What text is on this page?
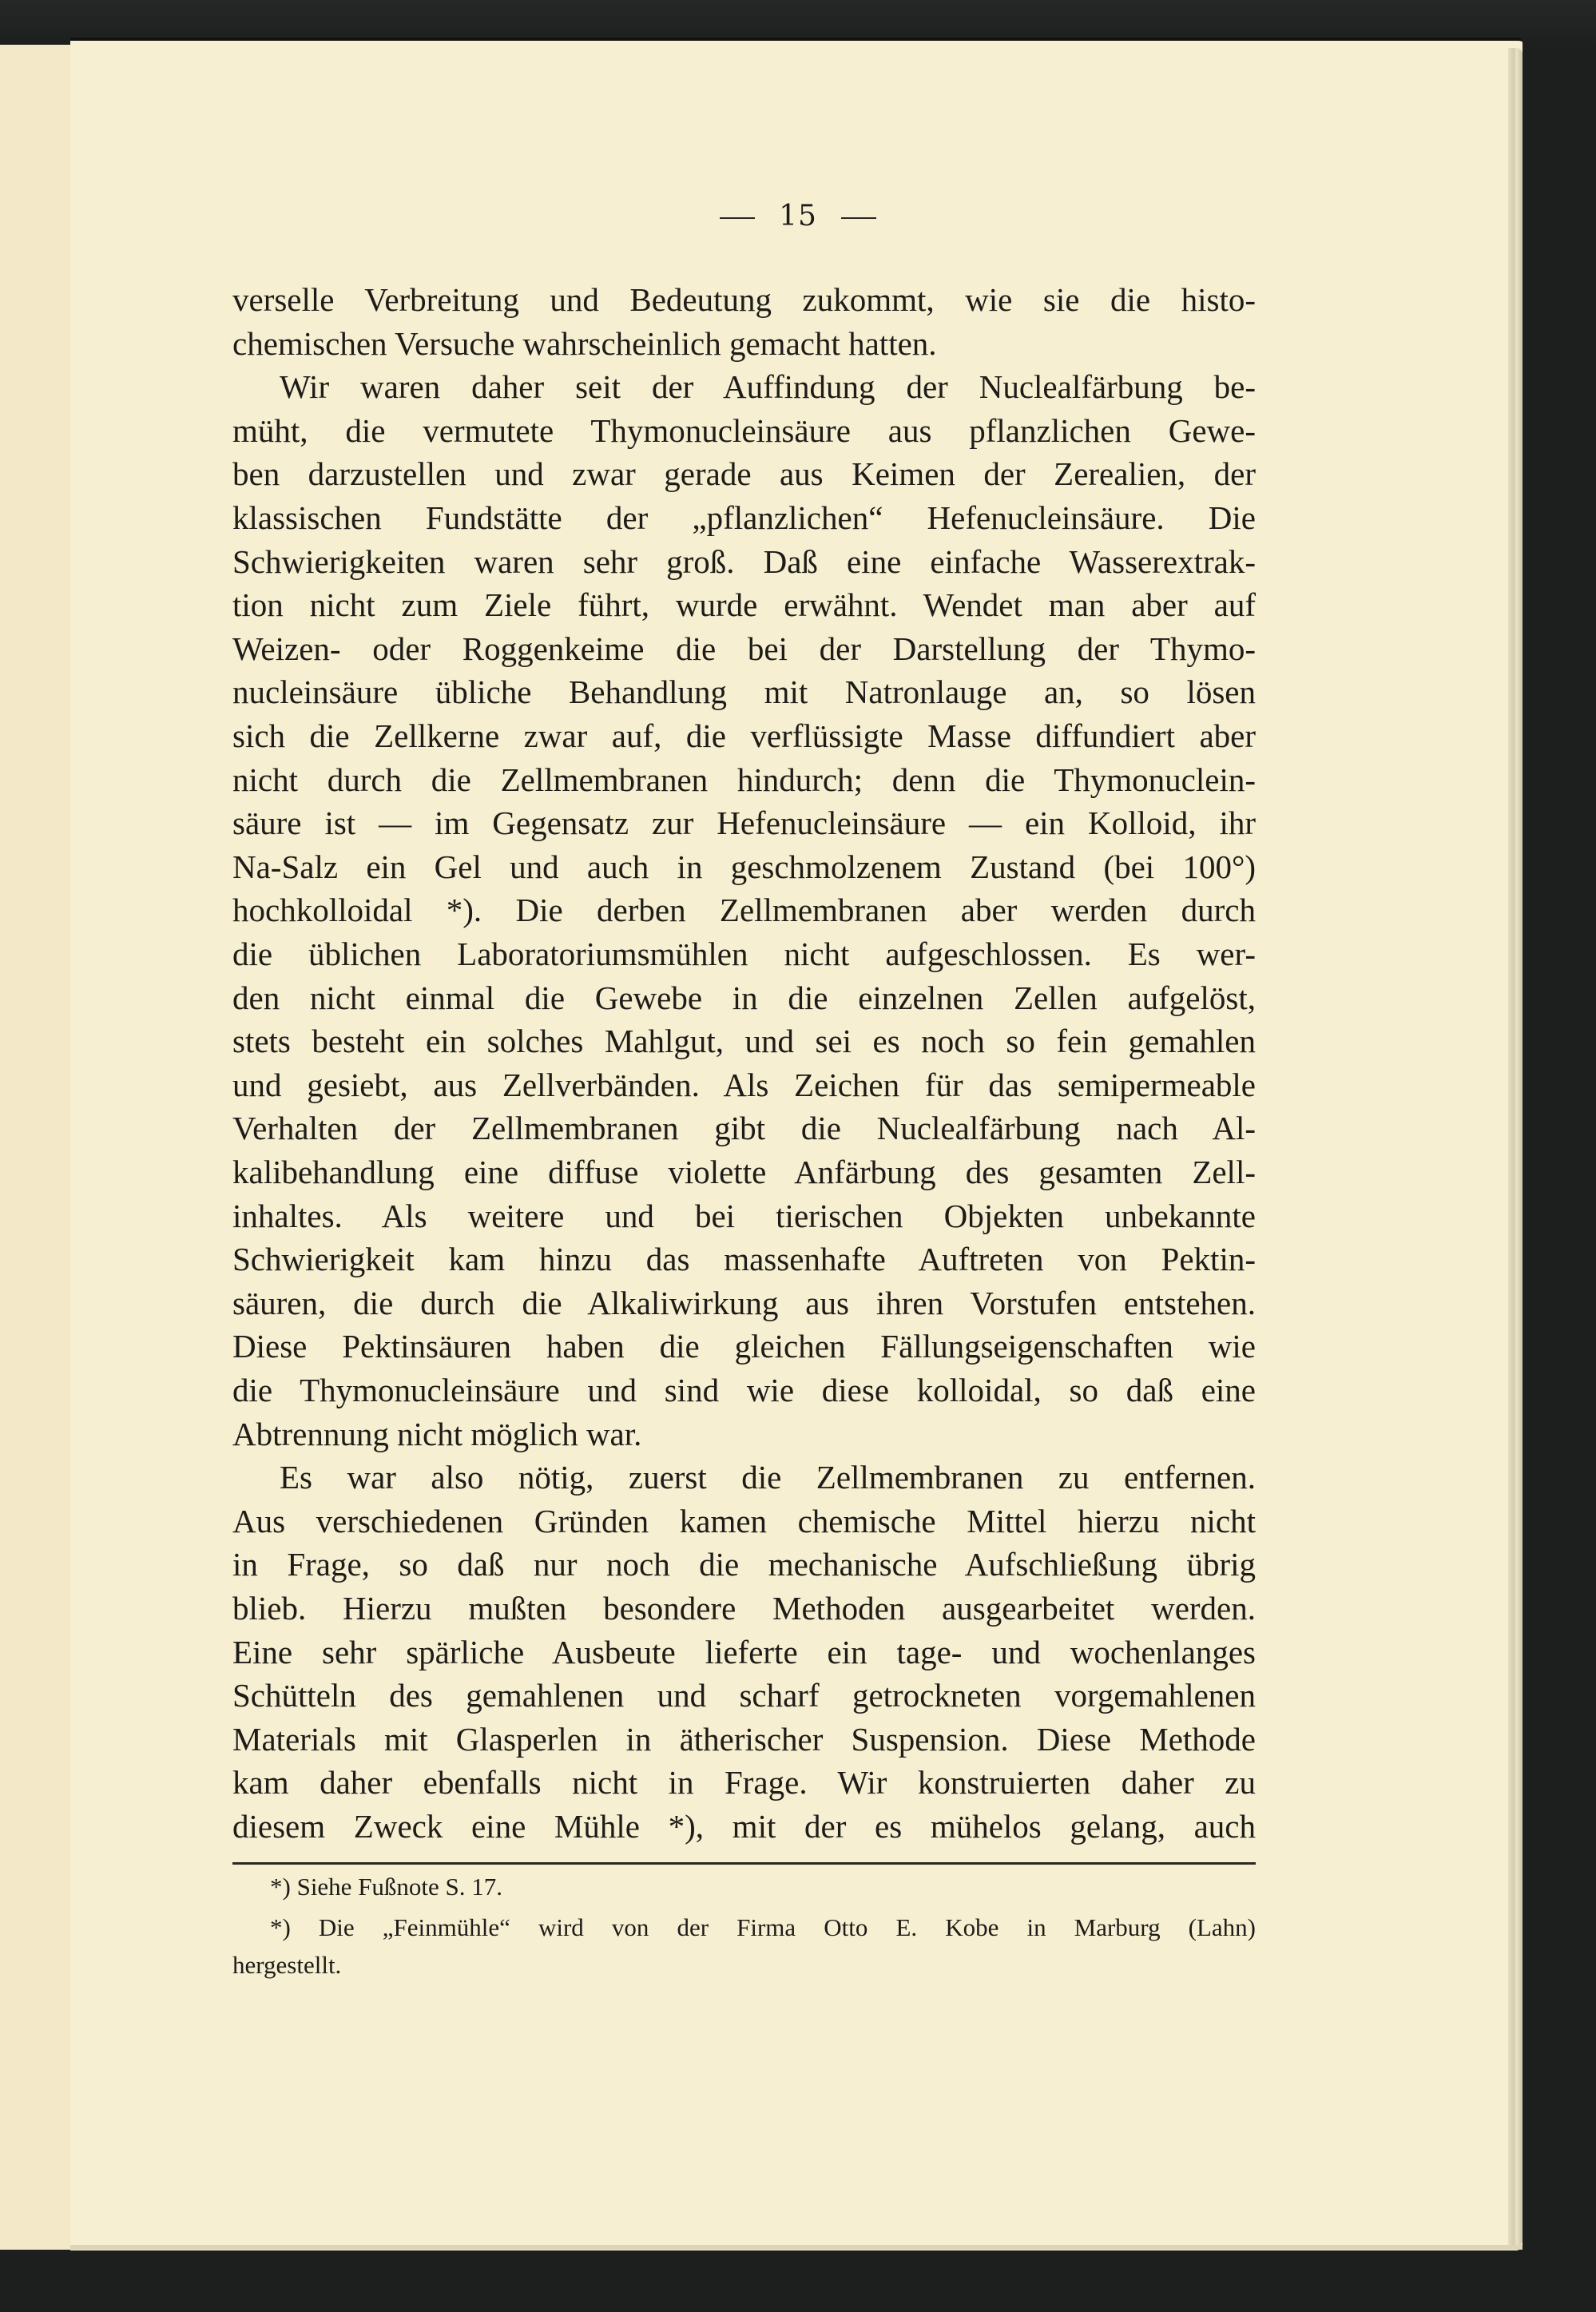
15
verselle Verbreitung und Bedeutung zukommt, wie sie die histo-
chemischen Versuche wahrscheinlich gemacht hatten.
Wir waren daher seit der Auffindung der Nuclealfärbung be-
müht, die vermutete Thymonucleinsäure aus pflanzlichen Gewe-
ben darzustellen und zwar gerade aus Keimen der Zerealien, der
klassischen Fundstätte der „pflanzlichen“ Hefenucleinsäure. Die
Schwierigkeiten waren sehr groß. Daß eine einfache Wasserextrak-
tion nicht zum Ziele führt, wurde erwähnt. Wendet man aber auf
Weizen- oder Roggenkeime die bei der Darstellung der Thymo-
nucleinsäure übliche Behandlung mit Natronlauge an, so lösen
sich die Zellkerne zwar auf, die verflüssigte Masse diffundiert aber
nicht durch die Zellmembranen hindurch; denn die Thymonuclein-
säure ist — im Gegensatz zur Hefenucleinsäure — ein Kolloid, ihr
Na-Salz ein Gel und auch in geschmolzenem Zustand (bei 100°)
hochkolloidal *). Die derben Zellmembranen aber werden durch
die üblichen Laboratoriumsmühlen nicht aufgeschlossen. Es wer-
den nicht einmal die Gewebe in die einzelnen Zellen aufgelöst,
stets besteht ein solches Mahlgut, und sei es noch so fein gemahlen
und gesiebt, aus Zellverbänden. Als Zeichen für das semipermeable
Verhalten der Zellmembranen gibt die Nuclealfärbung nach Al-
kalibehandlung eine diffuse violette Anfärbung des gesamten Zell-
inhaltes. Als weitere und bei tierischen Objekten unbekannte
Schwierigkeit kam hinzu das massenhafte Auftreten von Pektin-
säuren, die durch die Alkaliwirkung aus ihren Vorstufen entstehen.
Diese Pektinsäuren haben die gleichen Fällungseigenschaften wie
die Thymonucleinsäure und sind wie diese kolloidal, so daß eine
Abtrennung nicht möglich war.
Es war also nötig, zuerst die Zellmembranen zu entfernen.
Aus verschiedenen Gründen kamen chemische Mittel hierzu nicht
in Frage, so daß nur noch die mechanische Aufschließung übrig
blieb. Hierzu mußten besondere Methoden ausgearbeitet werden.
Eine sehr spärliche Ausbeute lieferte ein tage- und wochenlanges
Schütteln des gemahlenen und scharf getrockneten vorgemahlenen
Materials mit Glasperlen in ätherischer Suspension. Diese Methode
kam daher ebenfalls nicht in Frage. Wir konstruierten daher zu
diesem Zweck eine Mühle *), mit der es mühelos gelang, auch
*) Siehe Fußnote S. 17.
*) Die „Feinmühle“ wird von der Firma Otto E. Kobe in Marburg (Lahn)
hergestellt.
